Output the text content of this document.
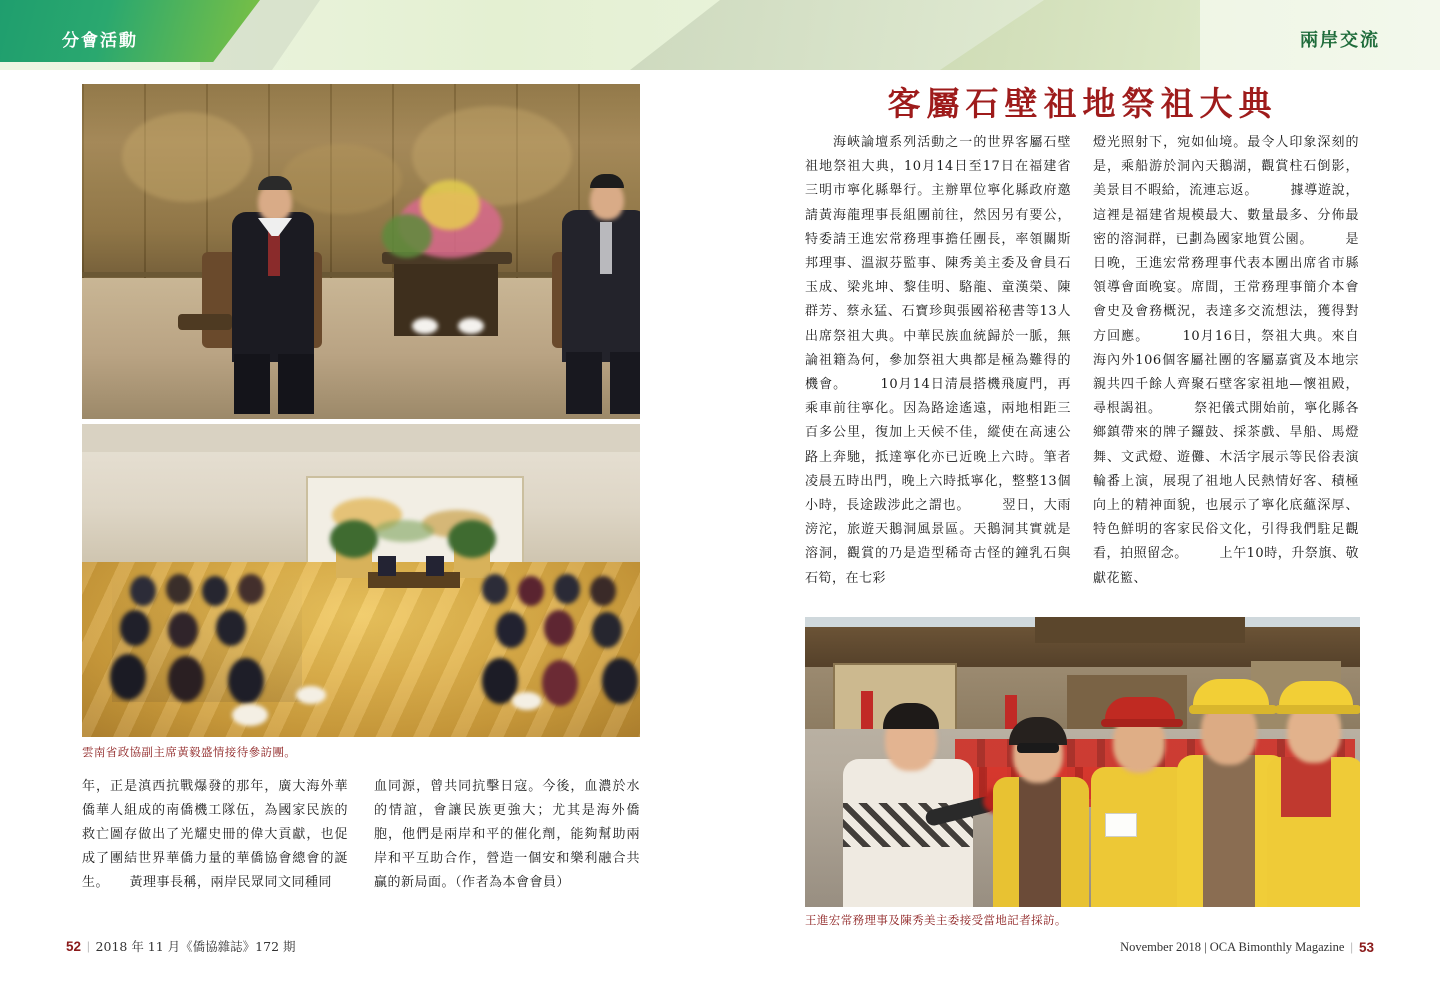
分會活動	兩岸交流
雲南省政協副主席黃毅盛情接待參訪團。
年，正是滇西抗戰爆發的那年，廣大海外華僑華人組成的南僑機工隊伍，為國家民族的救亡圖存做出了光耀史冊的偉大貢獻，也促成了團結世界華僑力量的華僑協會總會的誕生。　　黃理事長稱，兩岸民眾同文同種同
血同源，曾共同抗擊日寇。今後，血濃於水的情誼，會讓民族更強大；尤其是海外僑胞，他們是兩岸和平的催化劑，能夠幫助兩岸和平互助合作，營造一個安和樂利融合共贏的新局面。（作者為本會會員）
客屬石壁祖地祭祖大典
　　海峽論壇系列活動之一的世界客屬石壁祖地祭祖大典，10月14日至17日在福建省三明市寧化縣舉行。主辦單位寧化縣政府邀請黃海龍理事長組團前往，然因另有要公，特委請王進宏常務理事擔任團長，率領關斯邦理事、溫淑芬監事、陳秀美主委及會員石玉成、梁兆坤、黎佳明、駱龍、童漢榮、陳群芳、蔡永猛、石寶珍與張國裕秘書等13人出席祭祖大典。中華民族血統歸於一脈，無論祖籍為何，參加祭祖大典都是極為難得的機會。 　　10月14日清晨搭機飛廈門，再乘車前往寧化。因為路途遙遠，兩地相距三百多公里，復加上天候不佳，縱使在高速公路上奔馳，抵達寧化亦已近晚上六時。筆者凌晨五時出門，晚上六時抵寧化，整整13個小時，長途跋涉此之謂也。 　　翌日，大雨滂沱，旅遊天鵝洞風景區。天鵝洞其實就是溶洞，觀賞的乃是造型稀奇古怪的鐘乳石與石筍，在七彩
燈光照射下，宛如仙境。最令人印象深刻的是，乘船游於洞內天鵝湖，觀賞柱石倒影，美景目不暇給，流連忘返。 　　據導遊說，這裡是福建省規模最大、數量最多、分佈最密的溶洞群，已劃為國家地質公園。 　　是日晚，王進宏常務理事代表本團出席省市縣領導會面晚宴。席間，王常務理事簡介本會會史及會務概況，表達多交流想法，獲得對方回應。 　　10月16日，祭祖大典。來自海內外106個客屬社團的客屬嘉賓及本地宗親共四千餘人齊聚石壁客家祖地—懷祖殿，尋根謁祖。 　　祭祀儀式開始前，寧化縣各鄉鎮帶來的牌子鑼鼓、採茶戲、旱船、馬燈舞、文武燈、遊儺、木活字展示等民俗表演輪番上演，展現了祖地人民熱情好客、積極向上的精神面貌，也展示了寧化底蘊深厚、特色鮮明的客家民俗文化，引得我們駐足觀看，拍照留念。 　　上午10時，升祭旗、敬獻花籃、
王進宏常務理事及陳秀美主委接受當地記者採訪。
52 | 2018 年 11 月《僑協雜誌》172 期	November 2018 | OCA Bimonthly Magazine | 53
